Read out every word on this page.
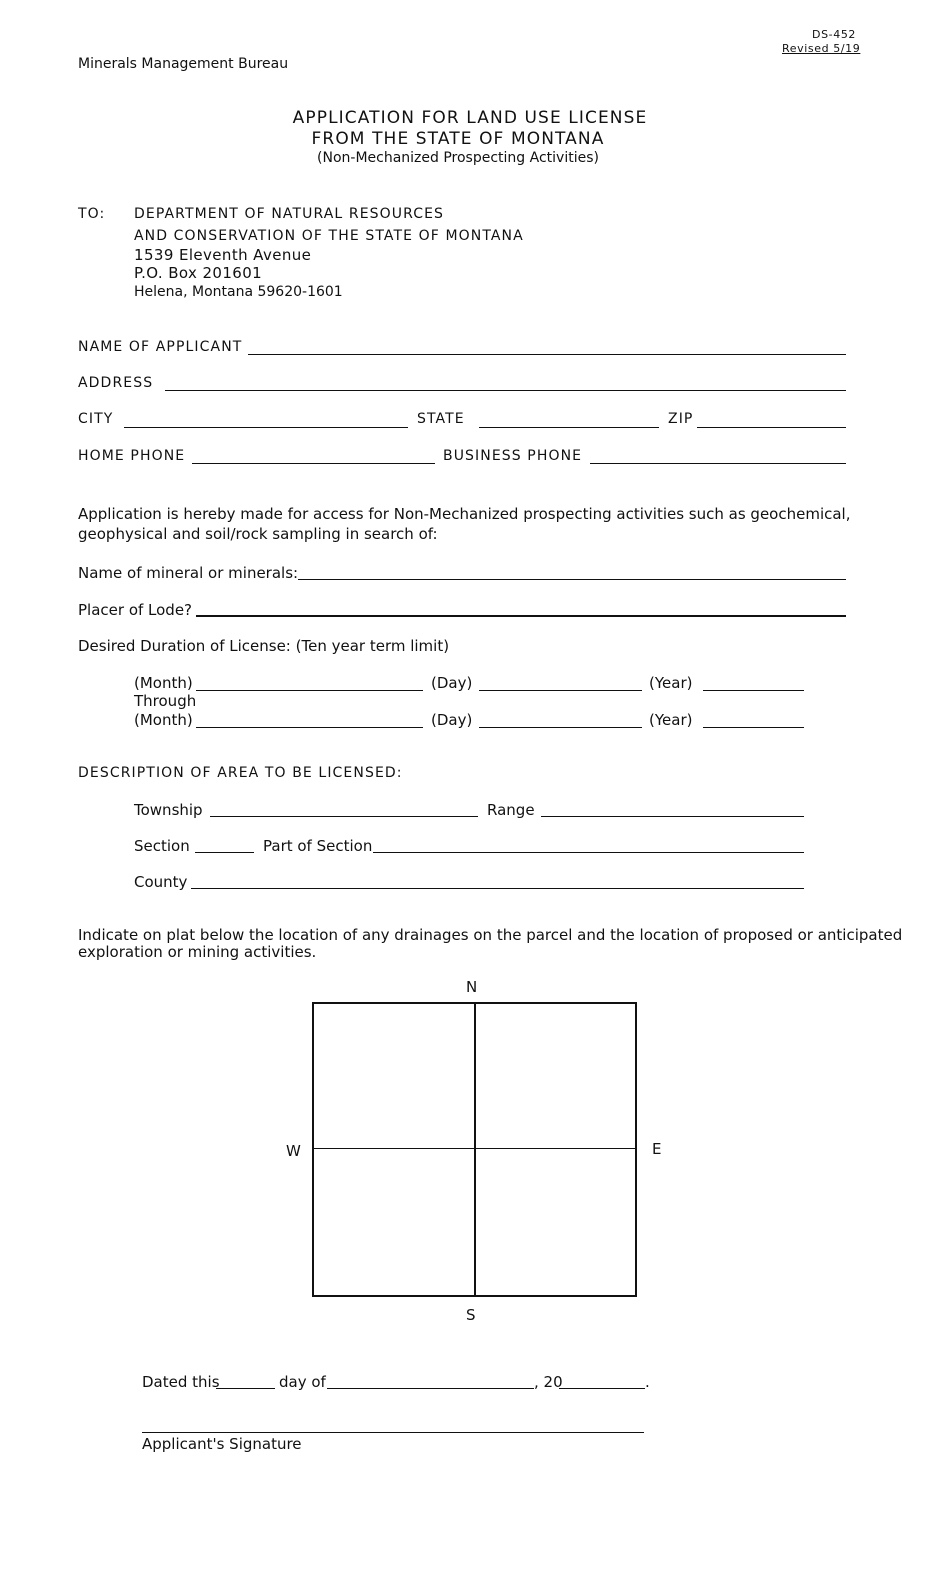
DS-452
Revised 5/19
Minerals Management Bureau
APPLICATION FOR LAND USE LICENSE
FROM THE STATE OF MONTANA
(Non-Mechanized Prospecting Activities)
TO: DEPARTMENT OF NATURAL RESOURCES
AND CONSERVATION OF THE STATE OF MONTANA
1539 Eleventh Avenue
P.O. Box 201601
Helena, Montana 59620-1601
NAME OF APPLICANT
ADDRESS
CITY	STATE	ZIP
HOME PHONE	BUSINESS PHONE
Application is hereby made for access for Non-Mechanized prospecting activities such as geochemical,
geophysical and soil/rock sampling in search of:
Name of mineral or minerals:
Placer of Lode?
Desired Duration of License: (Ten year term limit)
(Month)	(Day)	(Year)
Through
(Month)	(Day)	(Year)
DESCRIPTION OF AREA TO BE LICENSED:
Township	Range
Section	Part of Section
County
Indicate on plat below the location of any drainages on the parcel and the location of proposed or anticipated
exploration or mining activities.
N
W	E
S
Dated this	day of	, 20	.
Applicant's Signature
